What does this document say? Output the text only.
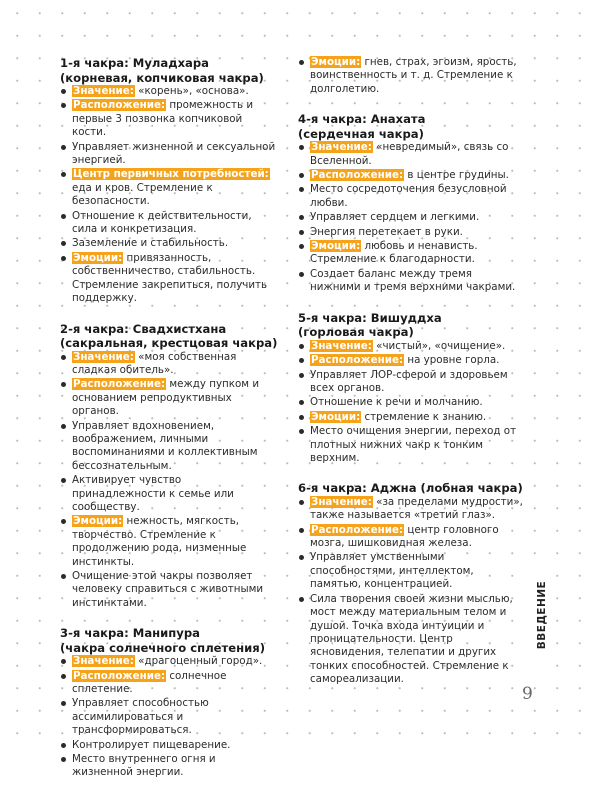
1-я чакра: Муладхара
(корневая, копчиковая чакра)
Значение: «корень», «основа».
Расположение: промежность и первые 3 позвонка копчиковой кости.
Управляет жизненной и сексуальной энергией.
Центр первичных потребностей: еда и кров. Стремление к безопасности.
Отношение к действительности, сила и конкретизация.
Заземление и стабильность.
Эмоции: привязанность, собственничество, стабильность. Стремление закрепиться, получить поддержку.
2-я чакра: Свадхистхана
(сакральная, крестцовая чакра)
Значение: «моя собственная сладкая обитель».
Расположение: между пупком и основанием репродуктивных органов.
Управляет вдохновением, воображением, личными воспоминаниями и коллективным бессознательным.
Активирует чувство принадлежности к семье или сообществу.
Эмоции: нежность, мягкость, творчество. Стремление к продолжению рода, низменные инстинкты.
Очищение этой чакры позволяет человеку справиться с животными инстинктами.
3-я чакра: Манипура
(чакра солнечного сплетения)
Значение: «драгоценный город».
Расположение: солнечное сплетение.
Управляет способностью ассимилироваться и трансформироваться.
Контролирует пищеварение.
Место внутреннего огня и жизненной энергии.
Эмоции: гнев, страх, эгоизм, ярость, воинственность и т. д. Стремление к долголетию.
4-я чакра: Анахата
(сердечная чакра)
Значение: «невредимый», связь со Вселенной.
Расположение: в центре грудины.
Место сосредоточения безусловной любви.
Управляет сердцем и легкими.
Энергия перетекает в руки.
Эмоции: любовь и ненависть. Стремление к благодарности.
Создает баланс между тремя нижними и тремя верхними чакрами.
5-я чакра: Вишуддха
(горловая чакра)
Значение: «чистый», «очищение».
Расположение: на уровне горла.
Управляет ЛОР-сферой и здоровьем всех органов.
Отношение к речи и молчанию.
Эмоции: стремление к знанию.
Место очищения энергии, переход от плотных нижних чакр к тонким верхним.
6-я чакра: Аджна (лобная чакра)
Значение: «за пределами мудрости», также называется «третий глаз».
Расположение: центр головного мозга, шишковидная железа.
Управляет умственными способностями, интеллектом, памятью, концентрацией.
Сила творения своей жизни мыслью, мост между материальным телом и душой. Точка входа интуиции и проницательности. Центр ясновидения, телепатии и других тонких способностей. Стремление к самореализации.
ВВЕДЕНИЕ
9
